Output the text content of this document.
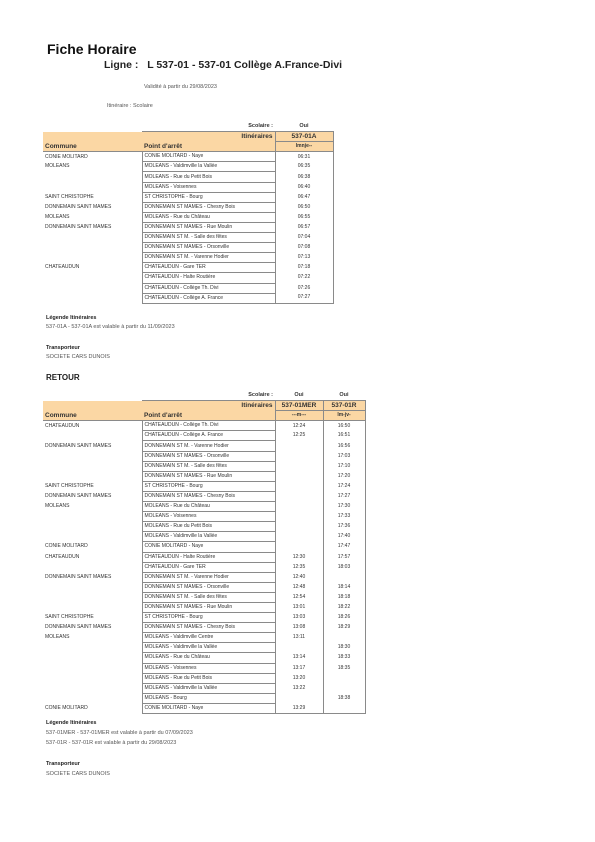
Fiche Horaire
Ligne : L 537-01 - 537-01 Collège A.France-Divi
Validité à partir du 29/08/2023
Itinéraire : Scolaire
	Scolaire :	Oui
	Itinéraires	537-01A
Commune	Point d'arrêt	lmnje--
CONIE MOLITARD	CONIE MOLITARD - Naye	06:31
MOLEANS	MOLEANS - Valdimville la Vallée	06:35
	MOLEANS - Rue du Petit Bois	06:38
	MOLEANS - Voisennes	06:40
SAINT CHRISTOPHE	ST CHRISTOPHE - Bourg	06:47
DONNEMAIN SAINT MAMES	DONNEMAIN ST MAMES - Chesny Bois	06:50
MOLEANS	MOLEANS - Rue du Château	06:55
DONNEMAIN SAINT MAMES	DONNEMAIN ST MAMES - Rue Moulin	06:57
	DONNEMAIN ST M. - Salle des fêtes	07:04
	DONNEMAIN ST MAMES - Orsonville	07:08
	DONNEMAIN ST M. - Varenne Hodier	07:13
CHATEAUDUN	CHATEAUDUN - Gare TER	07:18
	CHATEAUDUN - Halte Routière	07:22
	CHATEAUDUN - Collège Th. Divi	07:26
	CHATEAUDUN - Collège A. France	07:27
Légende Itinéraires
537-01A - 537-01A est valable à partir du 11/09/2023
Transporteur
SOCIETE CARS DUNOIS
RETOUR
	Scolaire :	Oui	Oui
	Itinéraires	537-01MER	537-01R
Commune	Point d'arrêt	---m---	lm-jv-
CHATEAUDUN	CHATEAUDUN - Collège Th. Divi	12:24	16:50
	CHATEAUDUN - Collège A. France	12:25	16:51
DONNEMAIN SAINT MAMES	DONNEMAIN ST M. - Varenne Hodier		16:56
	DONNEMAIN ST MAMES - Orsonville		17:03
	DONNEMAIN ST M. - Salle des fêtes		17:10
	DONNEMAIN ST MAMES - Rue Moulin		17:20
SAINT CHRISTOPHE	ST CHRISTOPHE - Bourg		17:24
DONNEMAIN SAINT MAMES	DONNEMAIN ST MAMES - Chesny Bois		17:27
MOLEANS	MOLEANS - Rue du Château		17:30
	MOLEANS - Voisennes		17:33
	MOLEANS - Rue du Petit Bois		17:36
	MOLEANS - Valdimville la Vallée		17:40
CONIE MOLITARD	CONIE MOLITARD - Naye		17:47
CHATEAUDUN	CHATEAUDUN - Halte Routière	12:30	17:57
	CHATEAUDUN - Gare TER	12:35	18:03
DONNEMAIN SAINT MAMES	DONNEMAIN ST M. - Varenne Hodier	12:40	
	DONNEMAIN ST MAMES - Orsonville	12:48	18:14
	DONNEMAIN ST M. - Salle des fêtes	12:54	18:18
	DONNEMAIN ST MAMES - Rue Moulin	13:01	18:22
SAINT CHRISTOPHE	ST CHRISTOPHE - Bourg	13:03	18:26
DONNEMAIN SAINT MAMES	DONNEMAIN ST MAMES - Chesny Bois	13:08	18:29
MOLEANS	MOLEANS - Valdimville Centre	13:11	
	MOLEANS - Valdimville la Vallée		18:30
	MOLEANS - Rue du Château	13:14	18:33
	MOLEANS - Voisennes	13:17	18:35
	MOLEANS - Rue du Petit Bois	13:20	
	MOLEANS - Valdimville la Vallée	13:22	
	MOLEANS - Bourg		18:38
CONIE MOLITARD	CONIE MOLITARD - Naye	13:29	
Légende Itinéraires
537-01MER - 537-01MER est valable à partir du 07/09/2023
537-01R - 537-01R est valable à partir du 29/08/2023
Transporteur
SOCIETE CARS DUNOIS
